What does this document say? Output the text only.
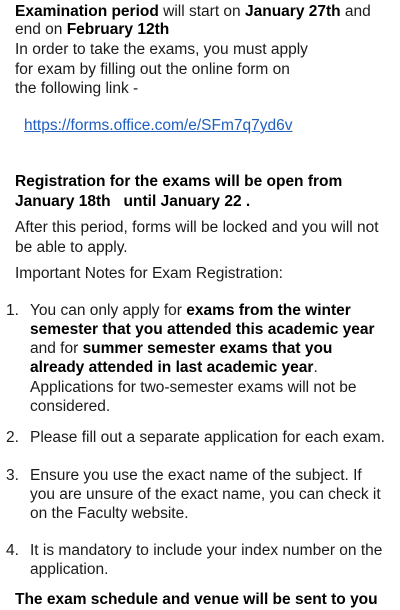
Examination period will start on January 27th and
end on February 12th
In order to take the exams, you must apply
for exam by filling out the online form on
the following link -
https://forms.office.com/e/SFm7q7yd6v
Registration for the exams will be open from
January 18th   until January 22 .
After this period, forms will be locked and you will not
be able to apply.
Important Notes for Exam Registration:
1. You can only apply for exams from the winter
semester that you attended this academic year
and for summer semester exams that you
already attended in last academic year.
Applications for two-semester exams will not be
considered.
2. Please fill out a separate application for each exam.
3. Ensure you use the exact name of the subject. If
you are unsure of the exact name, you can check it
on the Faculty website.
4. It is mandatory to include your index number on the
application.
The exam schedule and venue will be sent to you
